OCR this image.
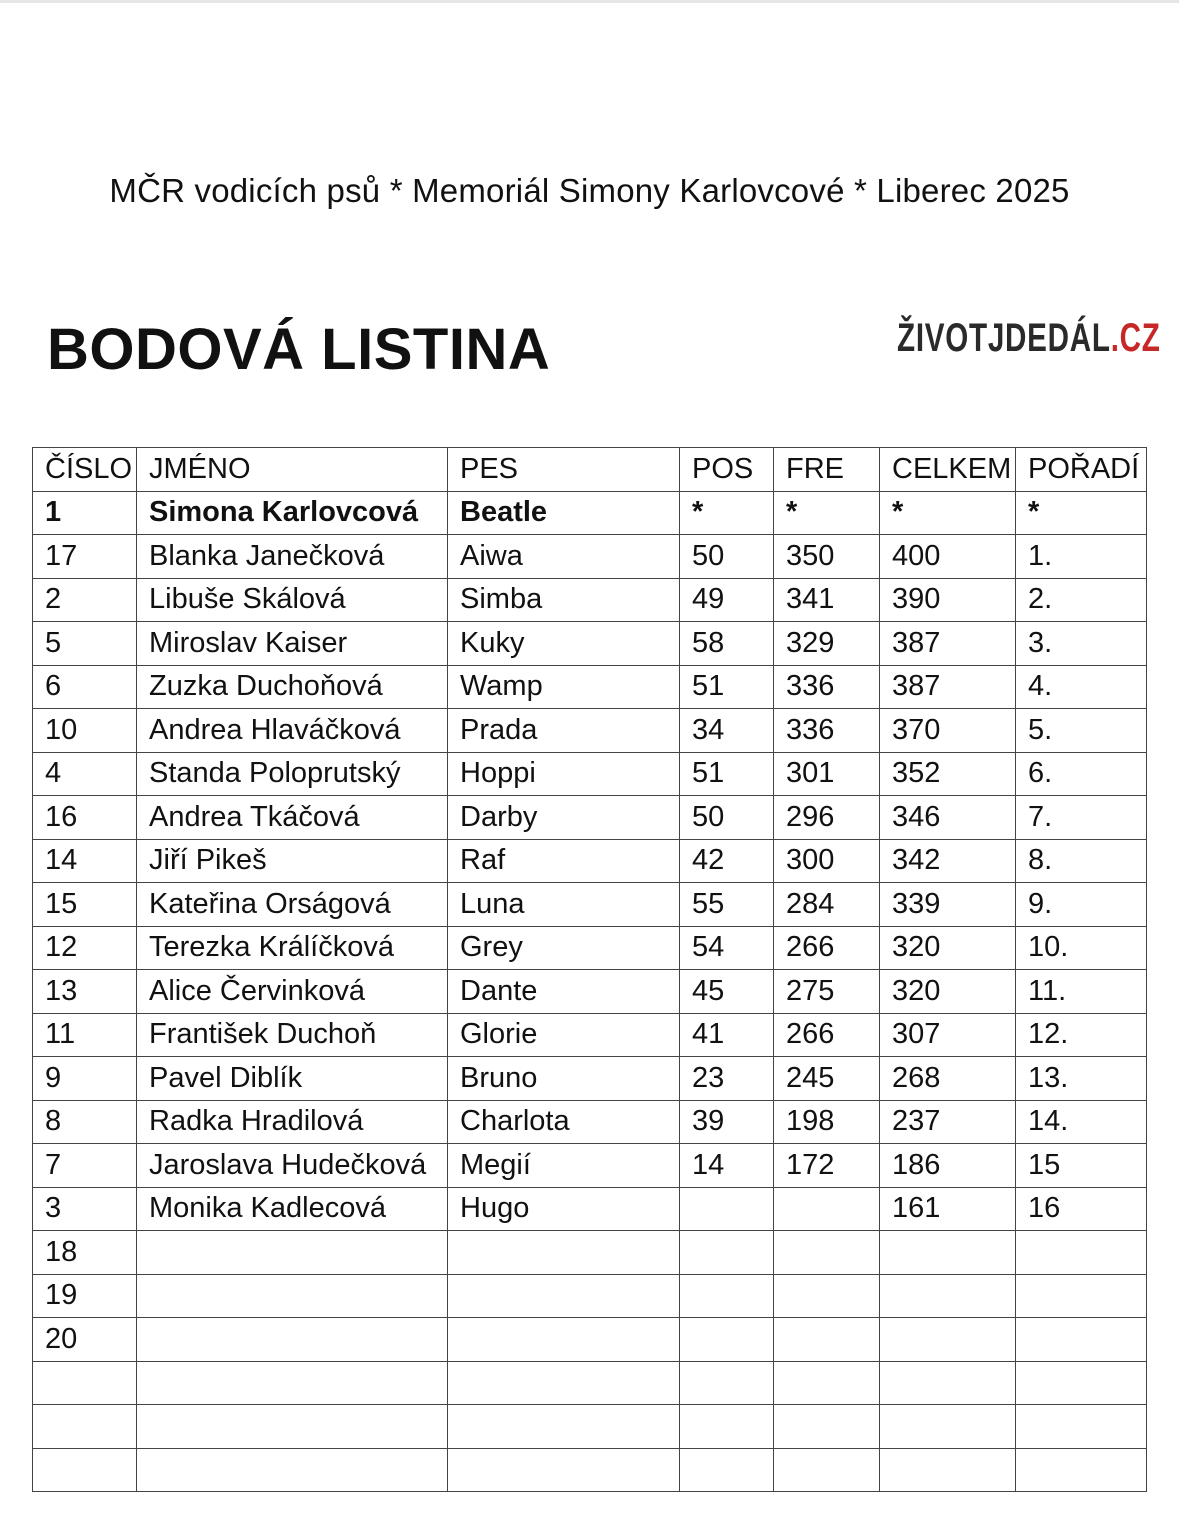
MČR vodicích psů * Memoriál Simony Karlovcové * Liberec 2025
BODOVÁ LISTINA	ŽIVOTJDEDÁL.CZ
ČÍSLO	JMÉNO	PES	POS	FRE	CELKEM	POŘADÍ
1	Simona Karlovcová	Beatle	*	*	*	*
17	Blanka Janečková	Aiwa	50	350	400	1.
2	Libuše Skálová	Simba	49	341	390	2.
5	Miroslav Kaiser	Kuky	58	329	387	3.
6	Zuzka Duchoňová	Wamp	51	336	387	4.
10	Andrea Hlaváčková	Prada	34	336	370	5.
4	Standa Poloprutský	Hoppi	51	301	352	6.
16	Andrea Tkáčová	Darby	50	296	346	7.
14	Jiří Pikeš	Raf	42	300	342	8.
15	Kateřina Orságová	Luna	55	284	339	9.
12	Terezka Králíčková	Grey	54	266	320	10.
13	Alice Červinková	Dante	45	275	320	11.
11	František Duchoň	Glorie	41	266	307	12.
9	Pavel Diblík	Bruno	23	245	268	13.
8	Radka Hradilová	Charlota	39	198	237	14.
7	Jaroslava Hudečková	Megií	14	172	186	15
3	Monika Kadlecová	Hugo			161	16
18						
19						
20						
